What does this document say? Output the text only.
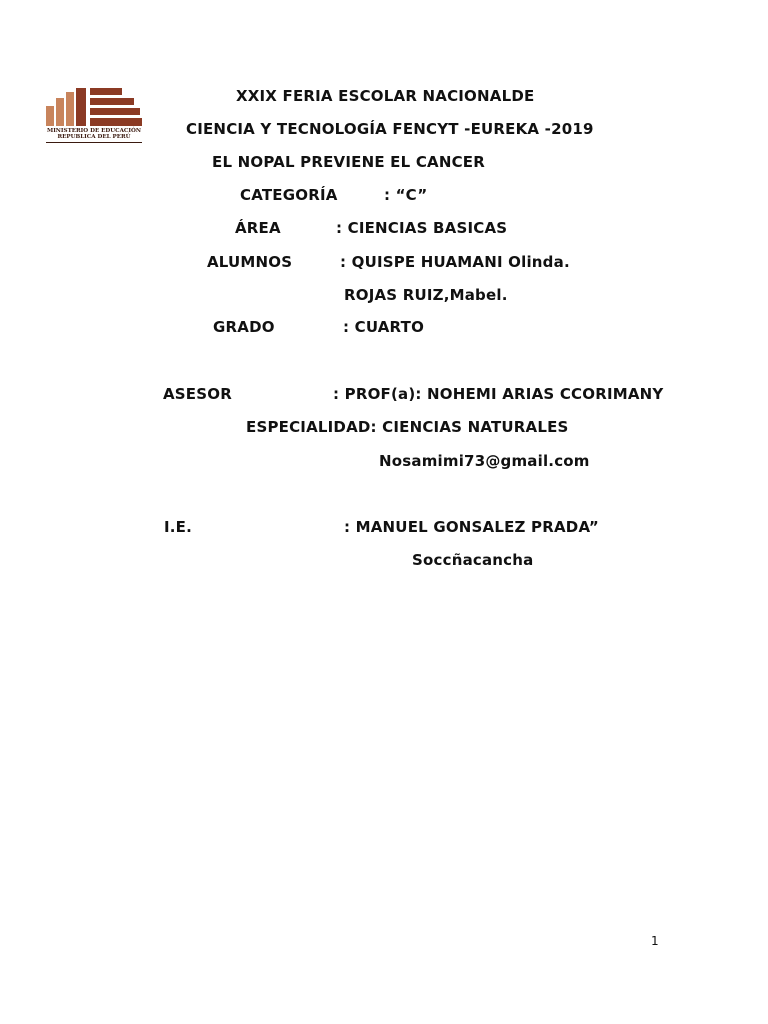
MINISTERIO DE EDUCACIÓN
REPUBLICA DEL PERÚ
XXIX FERIA ESCOLAR NACIONALDE
CIENCIA Y TECNOLOGÍA FENCYT -EUREKA -2019
EL NOPAL PREVIENE EL CANCER
CATEGORÍA	: “C”
ÁREA	: CIENCIAS BASICAS
ALUMNOS	: QUISPE HUAMANI Olinda.
ROJAS RUIZ,Mabel.
GRADO	: CUARTO
ASESOR	: PROF(a): NOHEMI ARIAS CCORIMANY
ESPECIALIDAD: CIENCIAS NATURALES
Nosamimi73@gmail.com
I.E.	: MANUEL GONSALEZ PRADA”
Soccñacancha
1
